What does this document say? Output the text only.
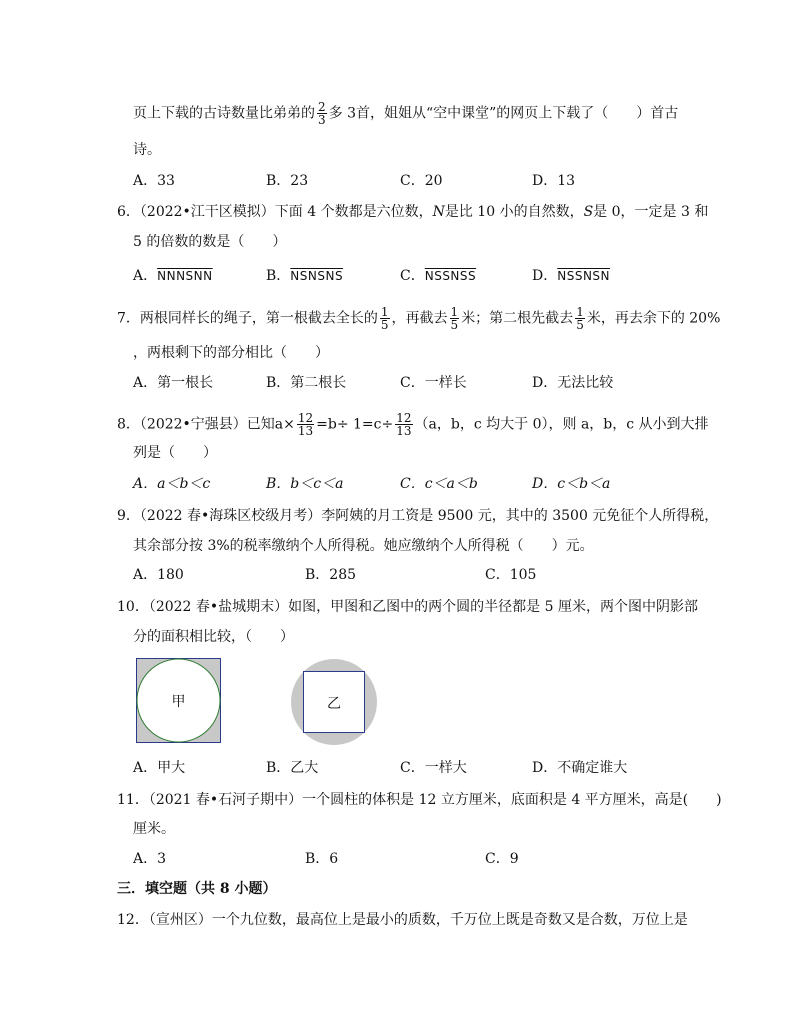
页上下载的古诗数量比弟弟的 $\frac{2}{3}$ 多 3首，姐姐从“空中课堂”的网页上下载了（　　）首古
诗。
A．33	B．23	C．20	D．13
6．（2022•江干区模拟）下面 4 个数都是六位数，N是比 10 小的自然数，S是 0，一定是 3 和
5 的倍数的数是（　　）
A．NNNSNN	B．NSNSNS	C．NSSNSS	D．NSSNSN
7．两根同样长的绳子，第一根截去全长的 $\frac{1}{5}$ ，再截去 $\frac{1}{5}$ 米；第二根先截去 $\frac{1}{5}$ 米，再去余下的 20%
，两根剩下的部分相比（　　）
A．第一根长	B．第二根长	C．一样长	D．无法比较
8．（2022•宁强县）已知$a\times \frac{12}{13} =b\div 1=c\div \frac{12}{13} (a$，b，c 均大于 0），则 a，b，c 从小到大排
列是（　　）
A．a＜b＜c	B．b＜c＜a	C．c＜a＜b	D．c＜b＜a
9．（2022 春•海珠区校级月考）李阿姨的月工资是 9500 元，其中的 3500 元免征个人所得税，
其余部分按 3%的税率缴纳个人所得税。她应缴纳个人所得税（　　）元。
A．180	B．285	C．105
10．（2022 春•盐城期末）如图，甲图和乙图中的两个圆的半径都是 5 厘米，两个图中阴影部
分的面积相比较，（　　）
甲	乙
A．甲大	B．乙大	C．一样大	D．不确定谁大
11．（2021 春•石河子期中）一个圆柱的体积是 12 立方厘米，底面积是 4 平方厘米，高是(　　)
厘米。
A．3	B．6	C．9
三．填空题（共 8 小题）
12．（宣州区）一个九位数，最高位上是最小的质数，千万位上既是奇数又是合数，万位上是
